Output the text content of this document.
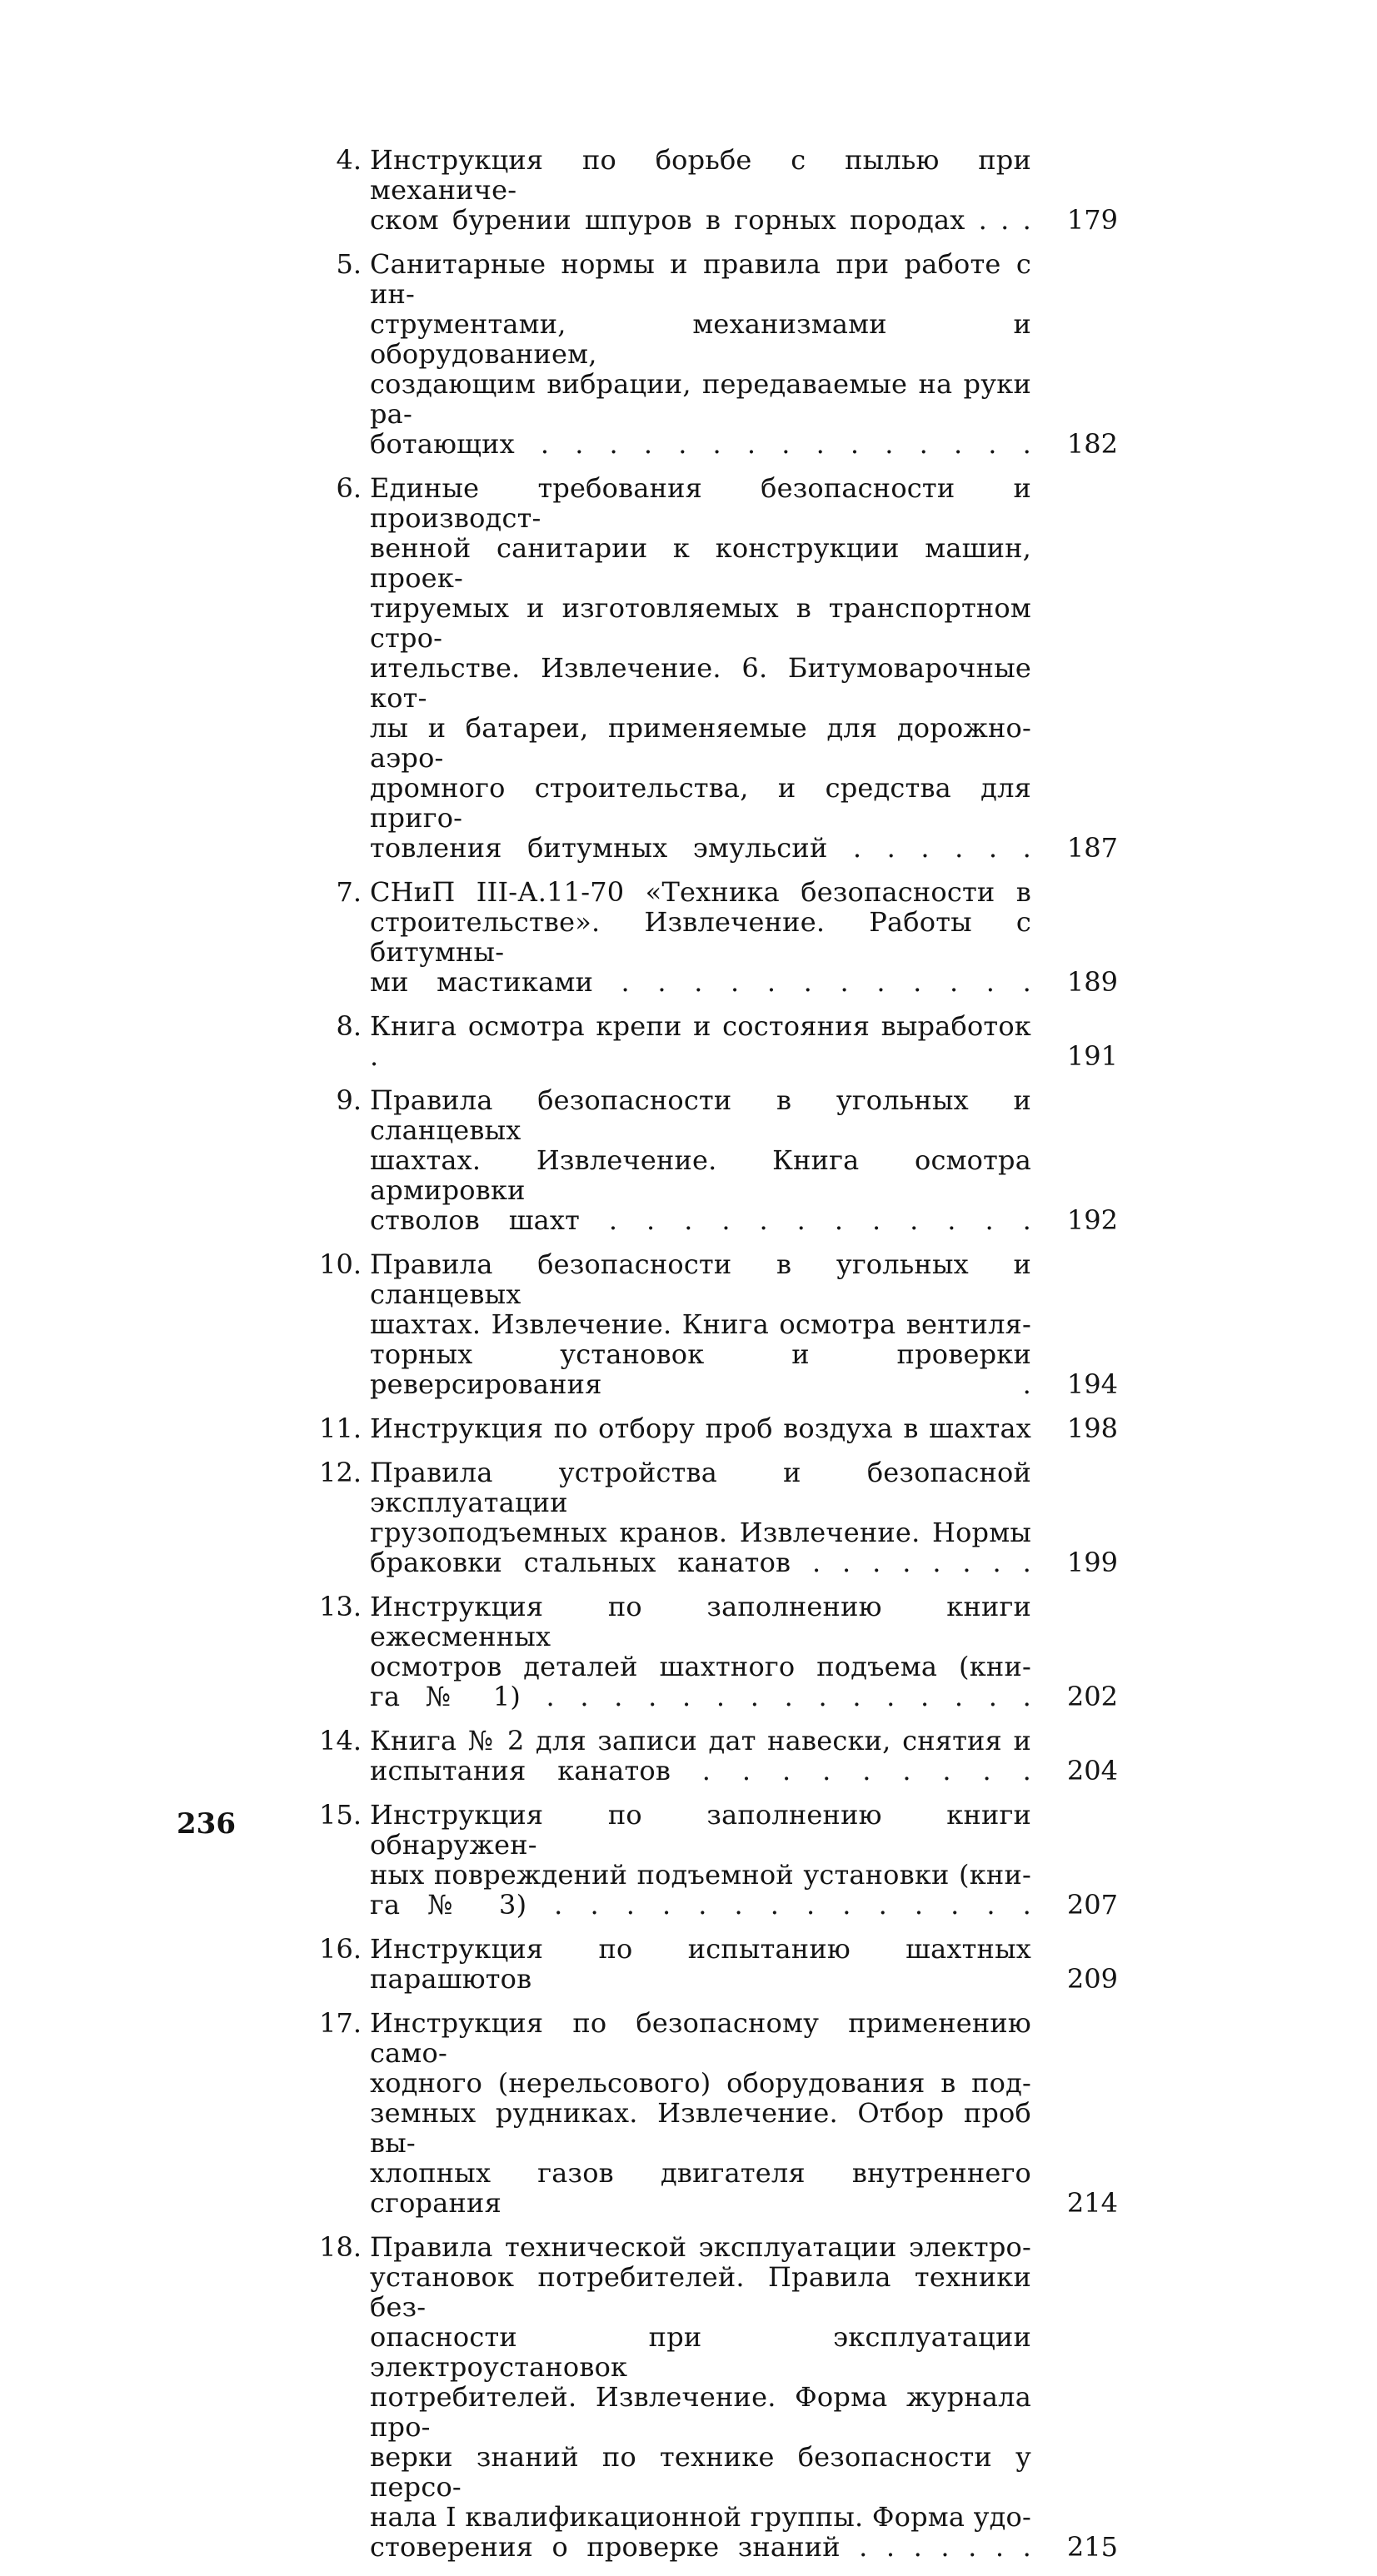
4. Инструкция по борьбе с пылью при механиче-
ском бурении шпуров в горных породах . . .	179
5. Санитарные нормы и правила при работе с ин-
струментами, механизмами и оборудованием,
создающим вибрации, передаваемые на руки ра-
ботающих . . . . . . . . . . . . . . .	182
6. Единые требования безопасности и производст-
венной санитарии к конструкции машин, проек-
тируемых и изготовляемых в транспортном стро-
ительстве. Извлечение. 6. Битумоварочные кот-
лы и батареи, применяемые для дорожно-аэро-
дромного строительства, и средства для приго-
товления битумных эмульсий . . . . . .	187
7. СНиП III-А.11-70 «Техника безопасности в
строительстве». Извлечение. Работы с битумны-
ми мастиками . . . . . . . . . . . .	189
8. Книга осмотра крепи и состояния выработок .	191
9. Правила безопасности в угольных и сланцевых
шахтах. Извлечение. Книга осмотра армировки
стволов шахт . . . . . . . . . . . .	192
10. Правила безопасности в угольных и сланцевых
шахтах. Извлечение. Книга осмотра вентиля-
торных установок и проверки реверсирования .	194
11. Инструкция по отбору проб воздуха в шахтах	198
12. Правила устройства и безопасной эксплуатации
грузоподъемных кранов. Извлечение. Нормы
браковки стальных канатов . . . . . . . .	199
13. Инструкция по заполнению книги ежесменных
осмотров деталей шахтного подъема (кни-
га № 1) . . . . . . . . . . . . . . .	202
14. Книга № 2 для записи дат навески, снятия и
испытания канатов . . . . . . . . .	204
15. Инструкция по заполнению книги обнаружен-
ных повреждений подъемной установки (кни-
га № 3) . . . . . . . . . . . . . .	207
16. Инструкция по испытанию шахтных парашютов	209
17. Инструкция по безопасному применению само-
ходного (нерельсового) оборудования в под-
земных рудниках. Извлечение. Отбор проб вы-
хлопных газов двигателя внутреннего сгорания	214
18. Правила технической эксплуатации электро-
установок потребителей. Правила техники без-
опасности при эксплуатации электроустановок
потребителей. Извлечение. Форма журнала про-
верки знаний по технике безопасности у персо-
нала I квалификационной группы. Форма удо-
стоверения о проверке знаний . . . . . . .	215
236
